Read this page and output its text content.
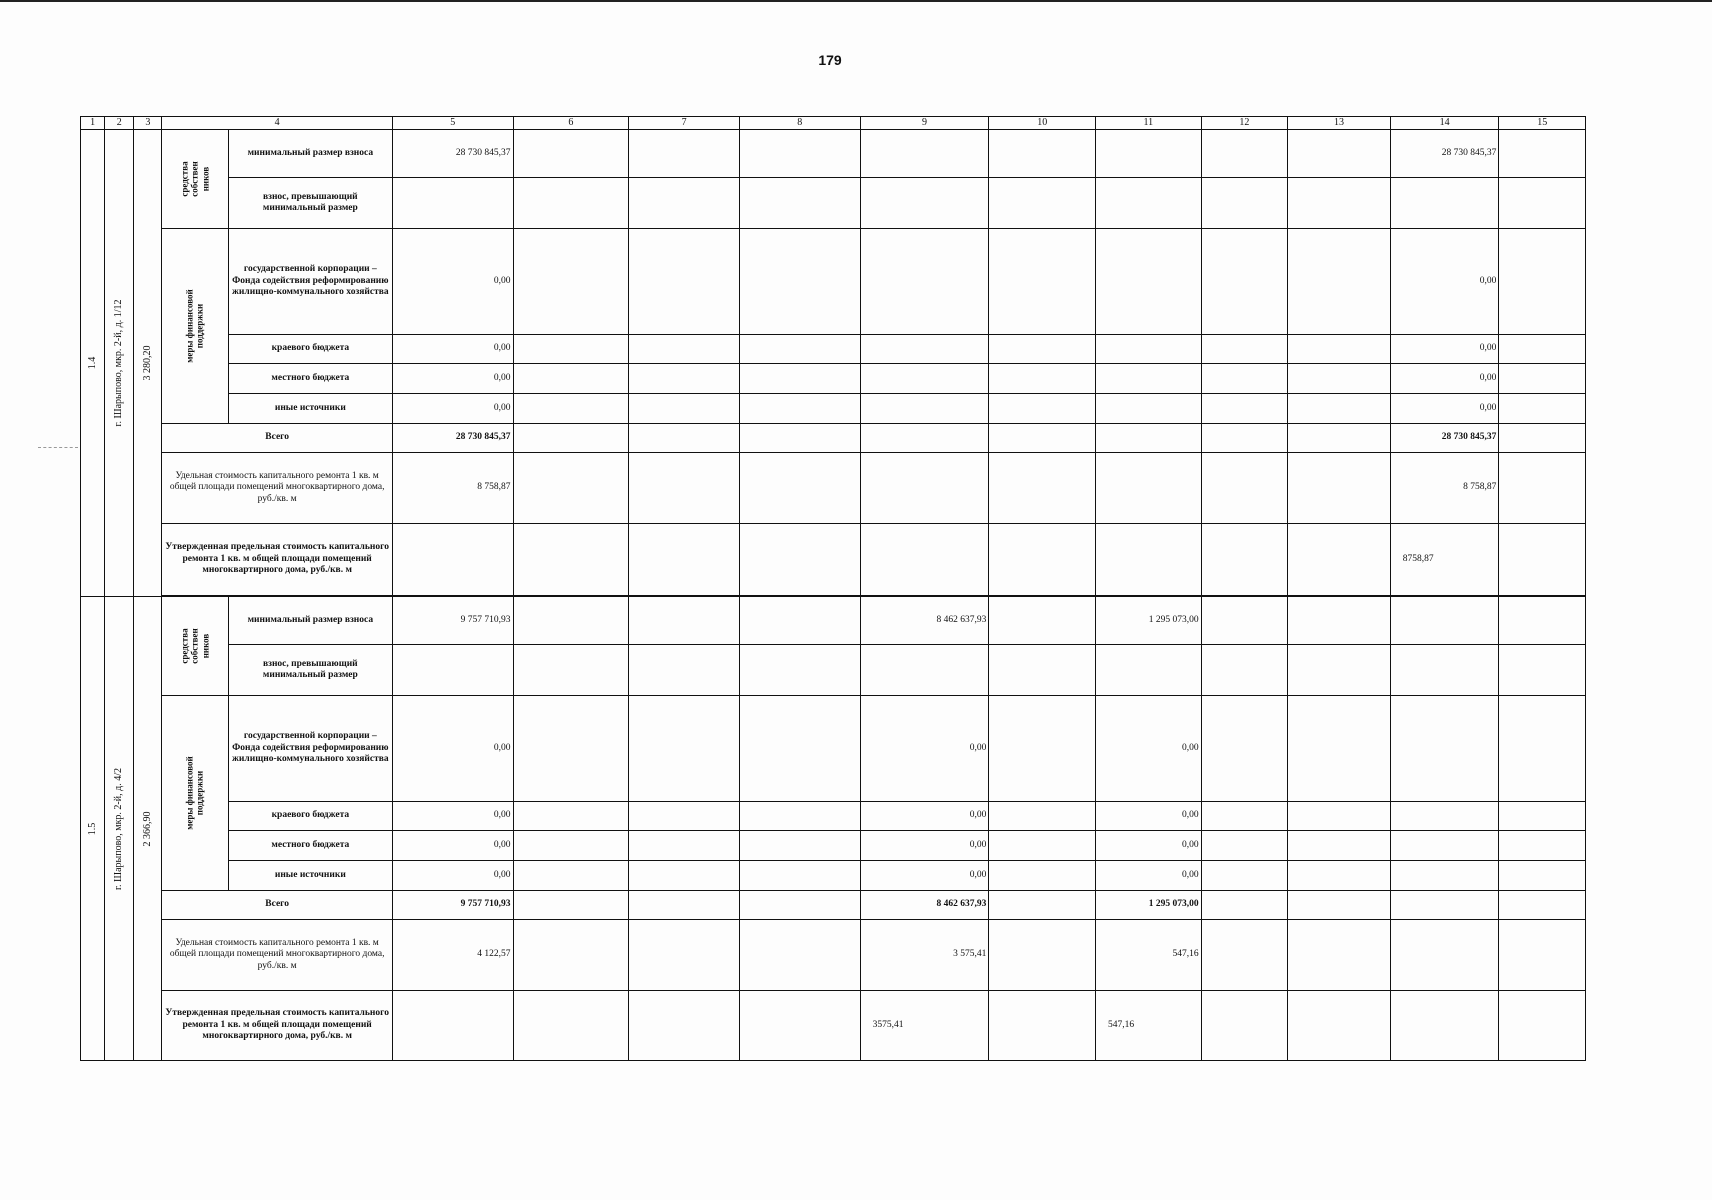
179
1	2	3	4		5	6	7	8	9	10	11	12	13	14	15

1.4	г. Шарыпово, мкр. 2-й, д. 1/12	3 280,20	средства
собствен
ников	минимальный размер взноса	28 730 845,37									28 730 845,37	
				взнос, превышающий минимальный размер											

			меры финансовой
поддержки	государственной корпорации – Фонда содействия реформированию жилищно-коммунального хозяйства	0,00									0,00	
				краевого бюджета	0,00									0,00	
				местного бюджета	0,00									0,00	
				иные источники	0,00									0,00	
			Всего		28 730 845,37									28 730 845,37	
			Удельная стоимость капитального ремонта 1 кв. м общей площади помещений многоквартирного дома, руб./кв. м		8 758,87									8 758,87	
			Утвержденная предельная стоимость капитального ремонта 1 кв. м общей площади помещений многоквартирного дома, руб./кв. м											8758,87	

1.5	г. Шарыпово, мкр. 2-й, д. 4/2	2 366,90	средства
собствен
ников	минимальный размер взноса	9 757 710,93				8 462 637,93		1 295 073,00				
				взнос, превышающий минимальный размер											

			меры финансовой
поддержки	государственной корпорации – Фонда содействия реформированию жилищно-коммунального хозяйства	0,00				0,00		0,00				
				краевого бюджета	0,00				0,00		0,00				
				местного бюджета	0,00				0,00		0,00				
				иные источники	0,00				0,00		0,00				
			Всего		9 757 710,93				8 462 637,93		1 295 073,00				
			Удельная стоимость капитального ремонта 1 кв. м общей площади помещений многоквартирного дома, руб./кв. м		4 122,57				3 575,41		547,16				
			Утвержденная предельная стоимость капитального ремонта 1 кв. м общей площади помещений многоквартирного дома, руб./кв. м						3575,41		547,16				
